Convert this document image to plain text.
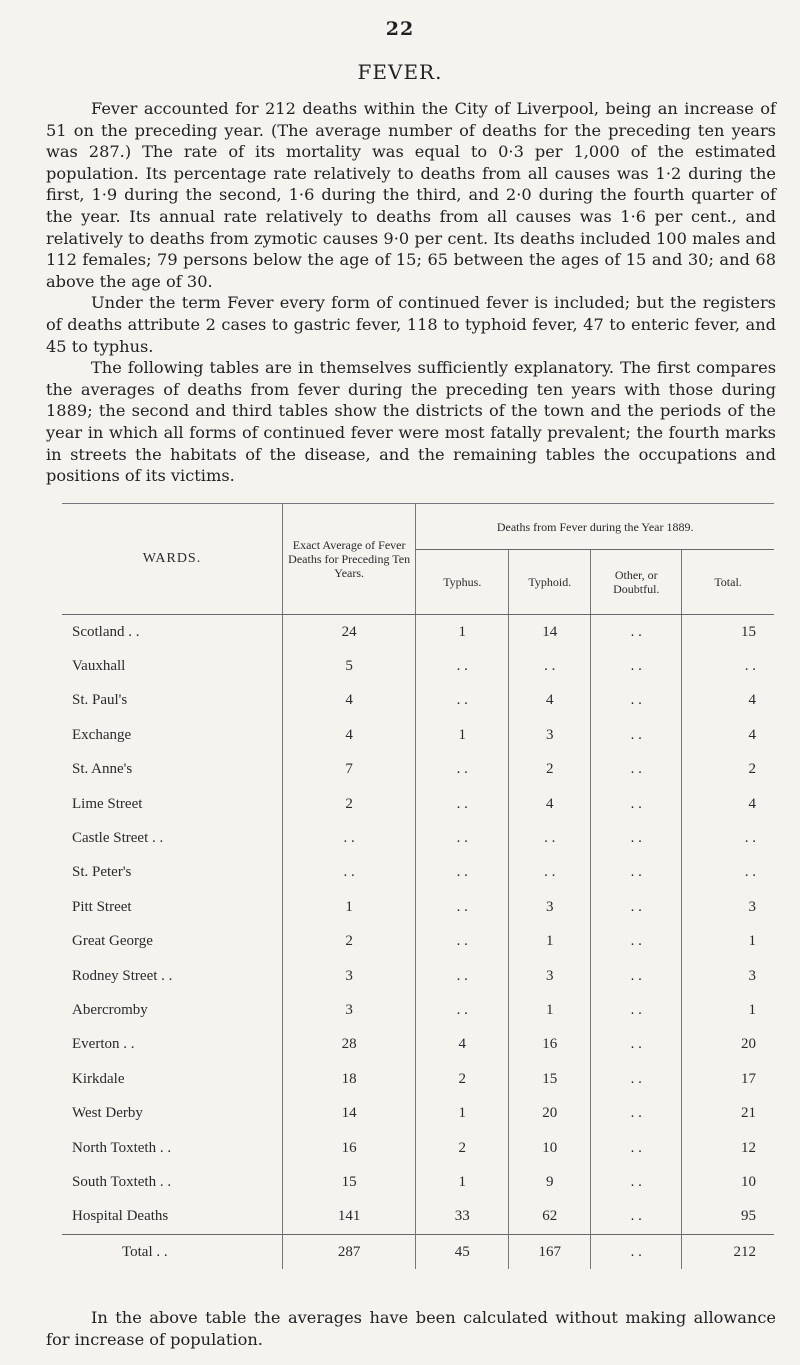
22
FEVER.

Fever accounted for 212 deaths within the City of Liverpool, being an increase of 51 on the preceding year. (The average number of deaths for the preceding ten years was 287.) The rate of its mortality was equal to 0·3 per 1,000 of the estimated population. Its percentage rate relatively to deaths from all causes was 1·2 during the first, 1·9 during the second, 1·6 during the third, and 2·0 during the fourth quarter of the year. Its annual rate relatively to deaths from all causes was 1·6 per cent., and relatively to deaths from zymotic causes 9·0 per cent. Its deaths included 100 males and 112 females; 79 persons below the age of 15; 65 between the ages of 15 and 30; and 68 above the age of 30.

Under the term Fever every form of continued fever is included; but the registers of deaths attribute 2 cases to gastric fever, 118 to typhoid fever, 47 to enteric fever, and 45 to typhus.

The following tables are in themselves sufficiently explanatory. The first compares the averages of deaths from fever during the preceding ten years with those during 1889; the second and third tables show the districts of the town and the periods of the year in which all forms of continued fever were most fatally prevalent; the fourth marks in streets the habitats of the disease, and the remaining tables the occupations and positions of its victims.

WARDS.	Exact Average of Fever Deaths for Preceding Ten Years.	Deaths from Fever during the Year 1889.			
		Typhus.	Typhoid.	Other, or Doubtful.	Total.
Scotland . .	24	1	14	. .	15
Vauxhall	5	. .	. .	. .	. .
St. Paul's	4	. .	4	. .	4
Exchange	4	1	3	. .	4
St. Anne's	7	. .	2	. .	2
Lime Street	2	. .	4	. .	4
Castle Street . .	. .	. .	. .	. .	. .
St. Peter's	. .	. .	. .	. .	. .
Pitt Street	1	. .	3	. .	3
Great George	2	. .	1	. .	1
Rodney Street . .	3	. .	3	. .	3
Abercromby	3	. .	1	. .	1
Everton . .	28	4	16	. .	20
Kirkdale	18	2	15	. .	17
West Derby	14	1	20	. .	21
North Toxteth . .	16	2	10	. .	12
South Toxteth . .	15	1	9	. .	10
Hospital Deaths	141	33	62	. .	95
Total . .	287	45	167	. .	212

In the above table the averages have been calculated without making allowance for increase of population.
